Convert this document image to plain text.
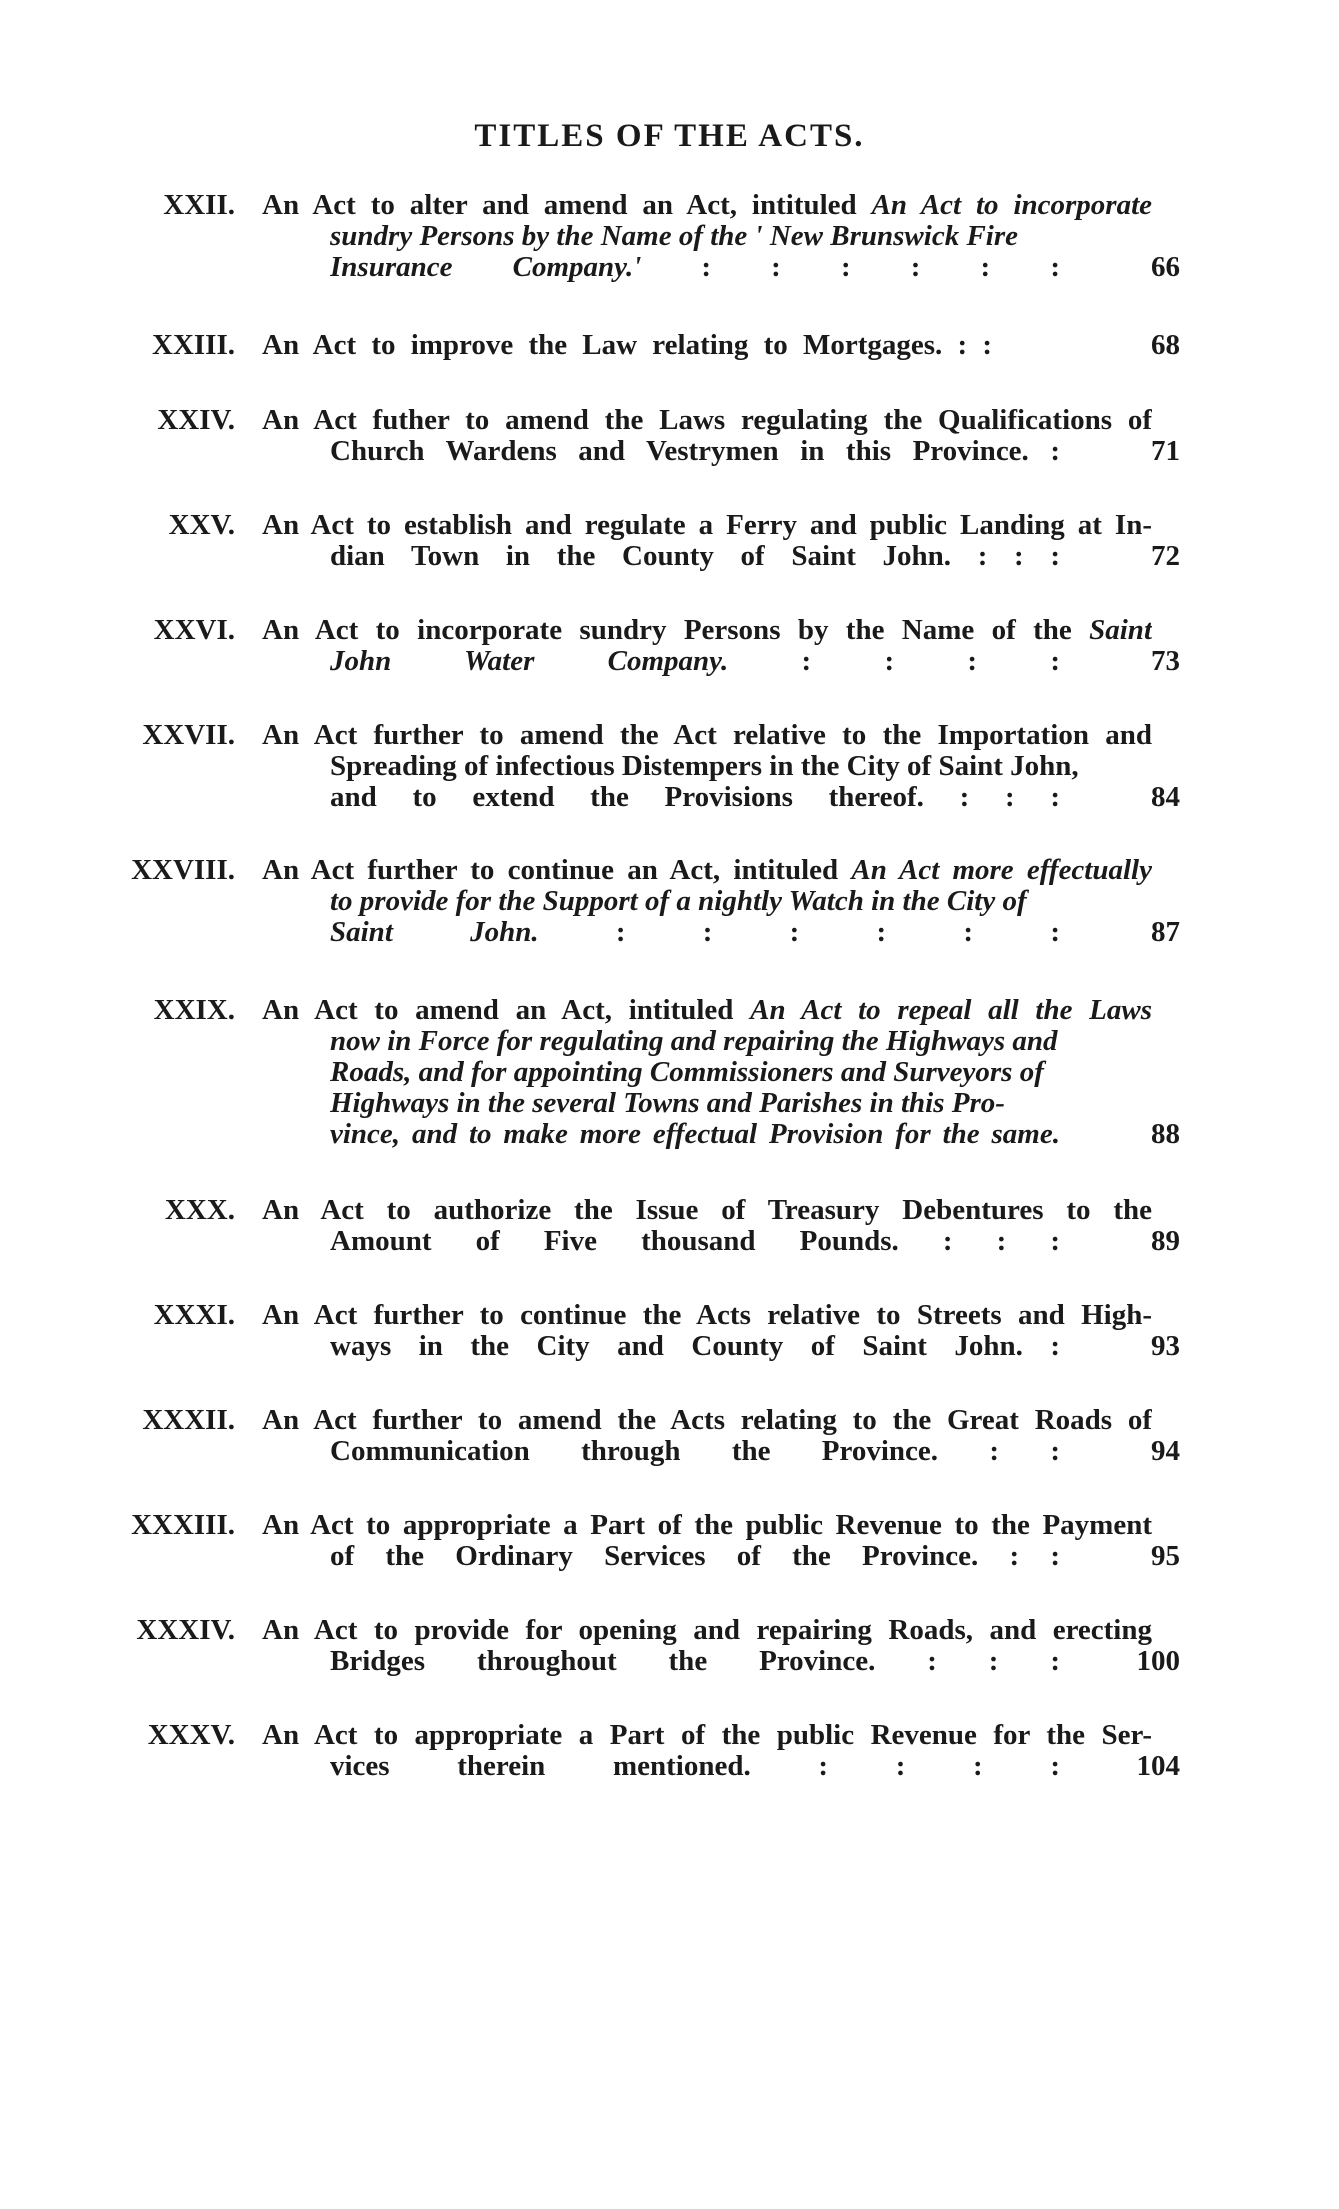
TITLES OF THE ACTS.
XXII. An Act to alter and amend an Act, intituled An Act to incorporate
sundry Persons by the Name of the ' New Brunswick Fire
Insurance Company.' : : : : : :	66
XXIII. An Act to improve the Law relating to Mortgages. : :	68
XXIV. An Act futher to amend the Laws regulating the Qualifications of
Church Wardens and Vestrymen in this Province. :	71
XXV. An Act to establish and regulate a Ferry and public Landing at In-
dian Town in the County of Saint John. : : :	72
XXVI. An Act to incorporate sundry Persons by the Name of the Saint
John Water Company. : : : :	73
XXVII. An Act further to amend the Act relative to the Importation and
Spreading of infectious Distempers in the City of Saint John,
and to extend the Provisions thereof. : : :	84
XXVIII. An Act further to continue an Act, intituled An Act more effectually
to provide for the Support of a nightly Watch in the City of
Saint John. : : : : : :	87
XXIX. An Act to amend an Act, intituled An Act to repeal all the Laws
now in Force for regulating and repairing the Highways and
Roads, and for appointing Commissioners and Surveyors of
Highways in the several Towns and Parishes in this Pro-
vince, and to make more effectual Provision for the same.	88
XXX. An Act to authorize the Issue of Treasury Debentures to the
Amount of Five thousand Pounds. : : :	89
XXXI. An Act further to continue the Acts relative to Streets and High-
ways in the City and County of Saint John. :	93
XXXII. An Act further to amend the Acts relating to the Great Roads of
Communication through the Province. : :	94
XXXIII. An Act to appropriate a Part of the public Revenue to the Payment
of the Ordinary Services of the Province. : :	95
XXXIV. An Act to provide for opening and repairing Roads, and erecting
Bridges throughout the Province. : : :	100
XXXV. An Act to appropriate a Part of the public Revenue for the Ser-
vices therein mentioned. : : : :	104
